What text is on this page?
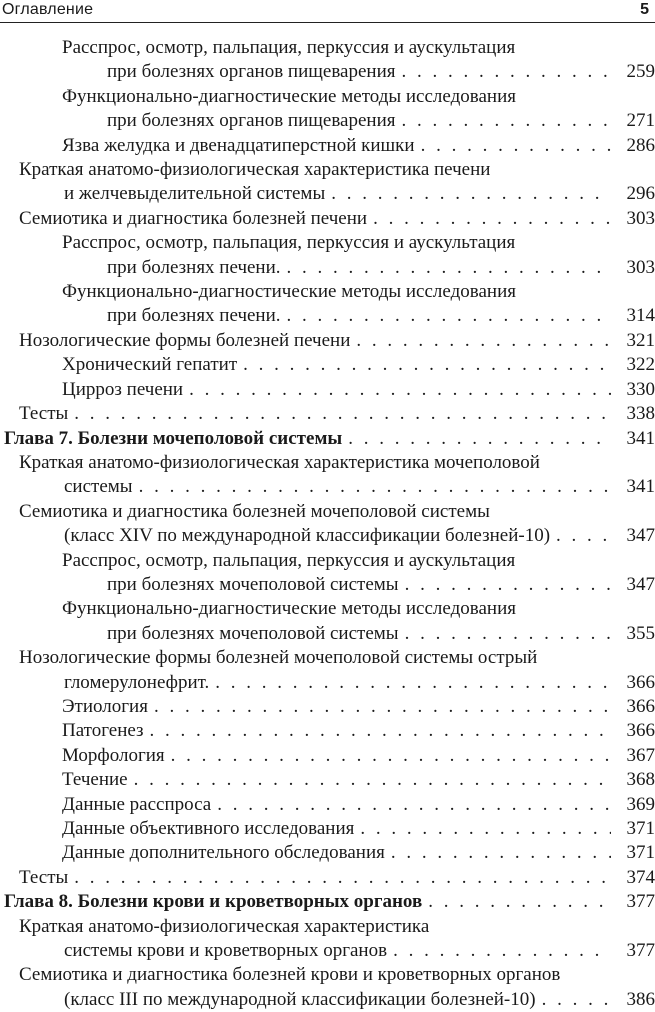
Оглавление	5
Расспрос, осмотр, пальпация, перкуссия и аускультация
при болезнях органов пищеварения . . .	259
Функционально-диагностические методы исследования
при болезнях органов пищеварения . . .	271
Язва желудка и двенадцатиперстной кишки . . .	286
Краткая анатомо-физиологическая характеристика печени
и желчевыделительной системы . . .	296
Семиотика и диагностика болезней печени . . .	303
Расспрос, осмотр, пальпация, перкуссия и аускультация
при болезнях печени. . . .	303
Функционально-диагностические методы исследования
при болезнях печени. . . .	314
Нозологические формы болезней печени . . .	321
Хронический гепатит . . .	322
Цирроз печени . . .	330
Тесты . . .	338
Глава 7. Болезни мочеполовой системы . . .	341
Краткая анатомо-физиологическая характеристика мочеполовой
системы . . .	341
Семиотика и диагностика болезней мочеполовой системы
(класс XIV по международной классификации болезней-10) . . .	347
Расспрос, осмотр, пальпация, перкуссия и аускультация
при болезнях мочеполовой системы . . .	347
Функционально-диагностические методы исследования
при болезнях мочеполовой системы . . .	355
Нозологические формы болезней мочеполовой системы острый
гломерулонефрит. . . .	366
Этиология . . .	366
Патогенез . . .	366
Морфология . . .	367
Течение . . .	368
Данные расспроса . . .	369
Данные объективного исследования . . .	371
Данные дополнительного обследования . . .	371
Тесты . . .	374
Глава 8. Болезни крови и кроветворных органов . . .	377
Краткая анатомо-физиологическая характеристика
системы крови и кроветворных органов . . .	377
Семиотика и диагностика болезней крови и кроветворных органов
(класс III по международной классификации болезней-10) . . .	386
